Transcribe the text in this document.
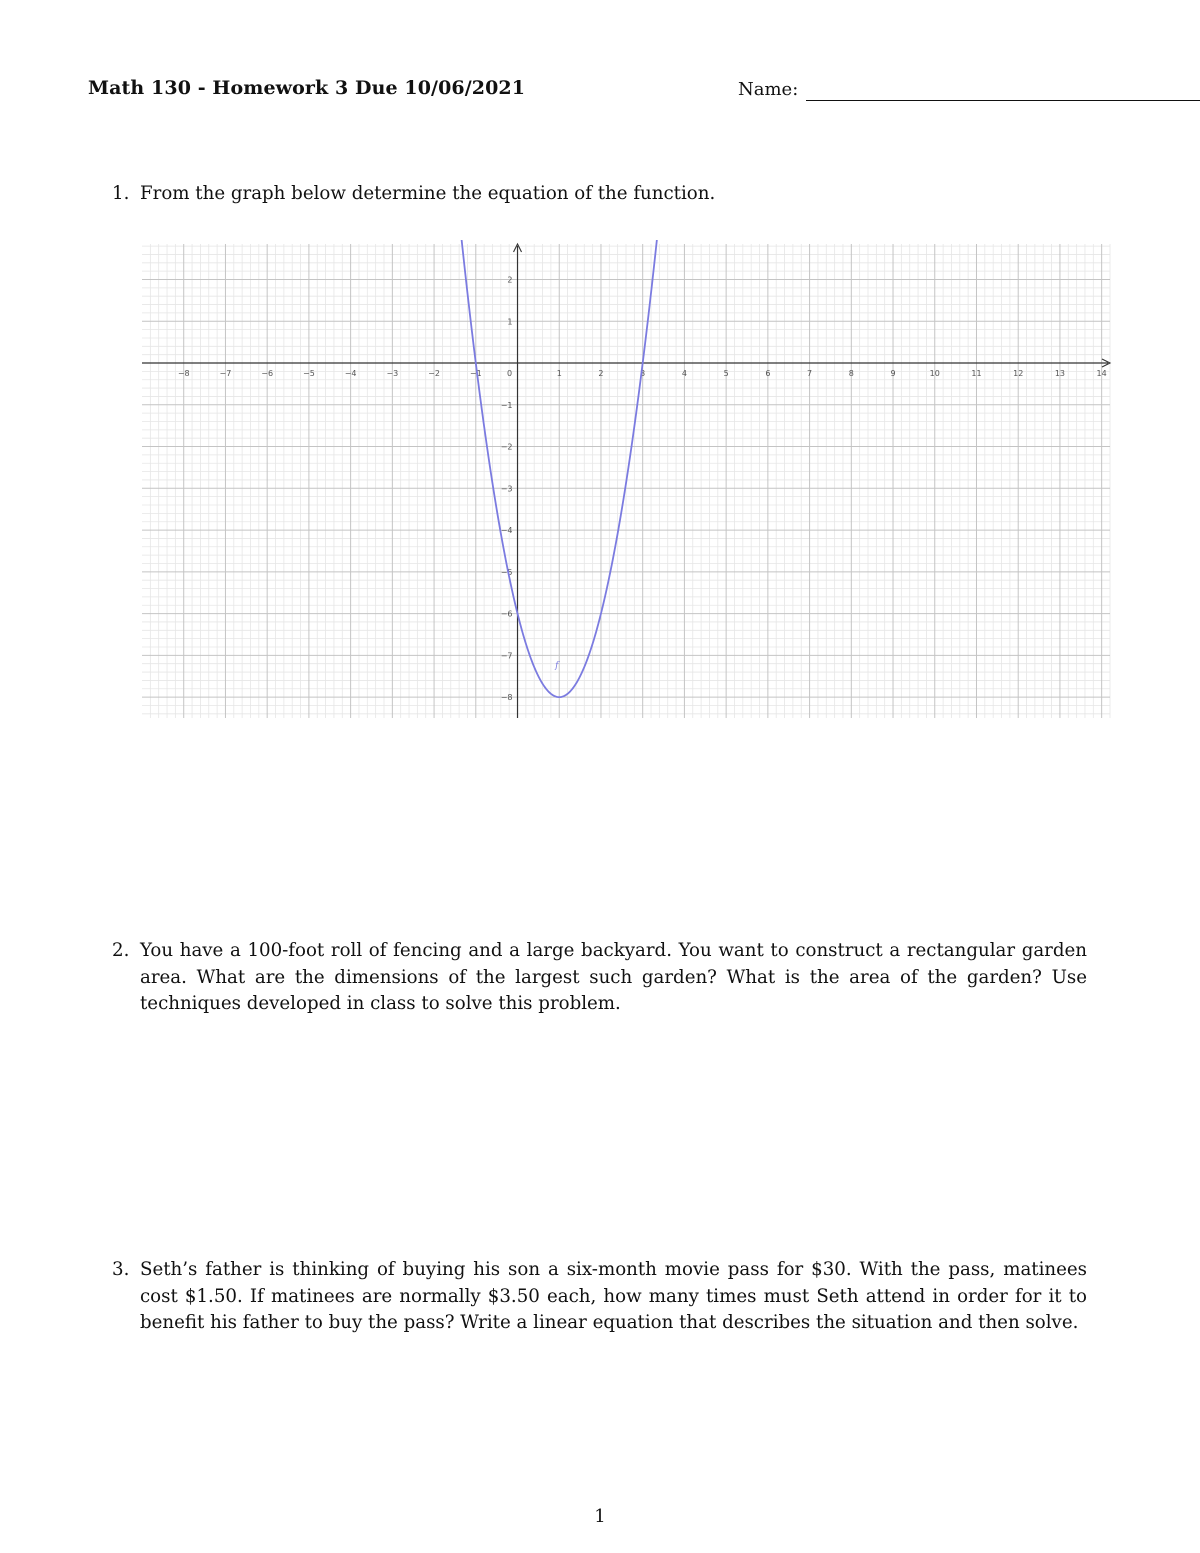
Math 130 - Homework 3 Due 10/06/2021	Name:
1. From the graph below determine the equation of the function.
−8	−7	−6	−5	−4	−3	−2	−1	0	1	2	3	4	5	6	7	8	9	10	11	12	13	14
2
1
−1
−2
−3
−4
−5
−6
−7
−8
f
2. You have a 100-foot roll of fencing and a large backyard. You want to construct a rectangular garden area. What are the dimensions of the largest such garden? What is the area of the garden? Use techniques developed in class to solve this problem.
3. Seth’s father is thinking of buying his son a six-month movie pass for $30. With the pass, matinees cost $1.50. If matinees are normally $3.50 each, how many times must Seth attend in order for it to benefit his father to buy the pass? Write a linear equation that describes the situation and then solve.
1
